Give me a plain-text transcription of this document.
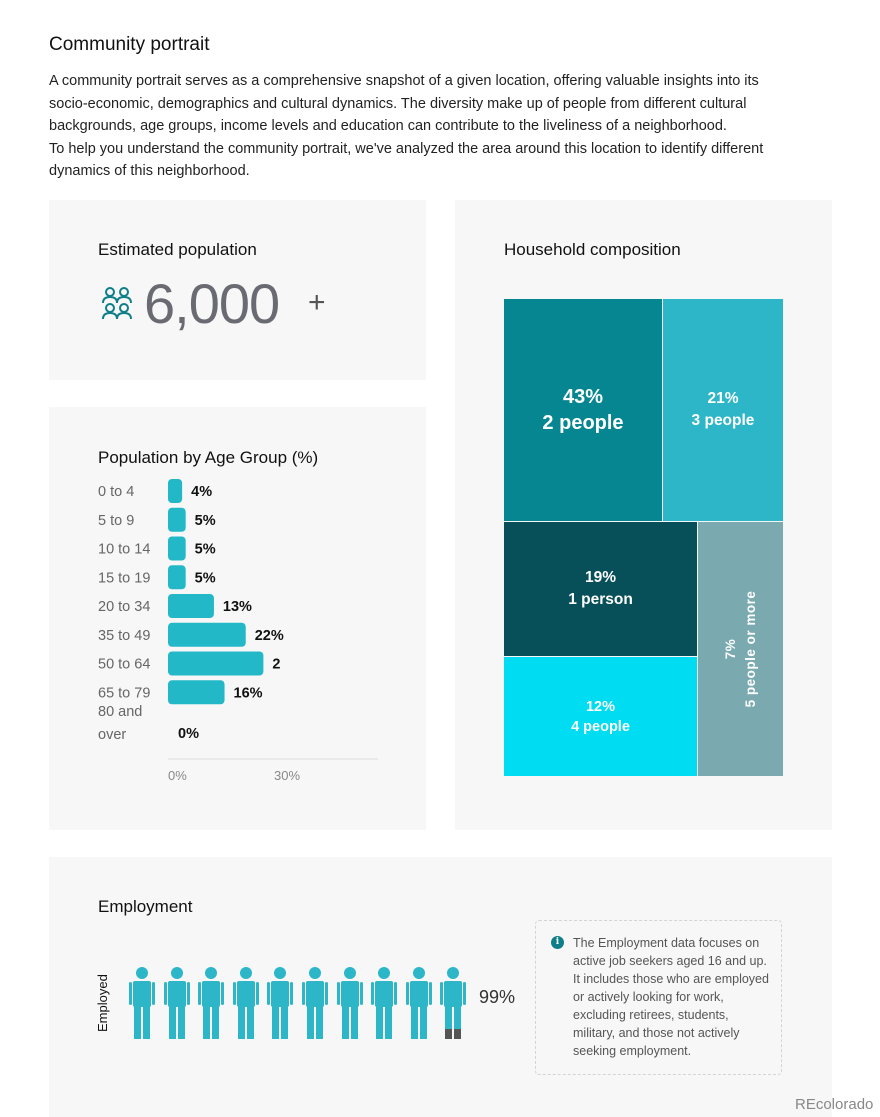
Community portrait

A community portrait serves as a comprehensive snapshot of a given location, offering valuable insights into its

socio-economic, demographics and cultural dynamics. The diversity make up of people from different cultural

backgrounds, age groups, income levels and education can contribute to the liveliness of a neighborhood.

To help you understand the community portrait, we've analyzed the area around this location to identify different

dynamics of this neighborhood.

Estimated population
6,000 +
Population by Age Group (%)
0 to 4	4%
5 to 9	5%
10 to 14	5%
15 to 19	5%
20 to 34	13%
35 to 49	22%
50 to 64	2
65 to 79	16%
80 and
over	0%
0%	30%
Household composition
43%
2 people
21%
3 people
19%
1 person
12%
4 people
7% 5 people or more
Employment
Employed	99%
i	The Employment data focuses on active job seekers aged 16 and up. It includes those who are employed or actively looking for work, excluding retirees, students, military, and those not actively seeking employment.
REcolorado
